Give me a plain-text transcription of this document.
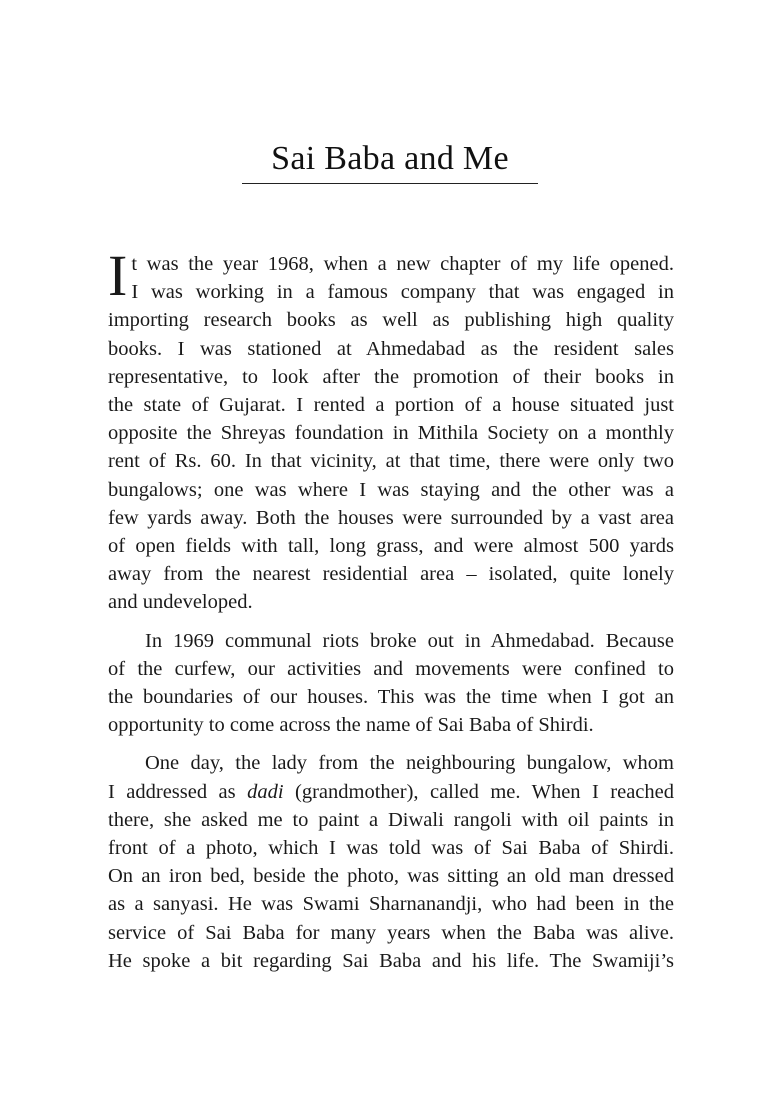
Sai Baba and Me

I t was the year 1968, when a new chapter of my life opened.
I was working in a famous company that was engaged in
importing research books as well as publishing high quality
books. I was stationed at Ahmedabad as the resident sales
representative, to look after the promotion of their books in
the state of Gujarat. I rented a portion of a house situated just
opposite the Shreyas foundation in Mithila Society on a monthly
rent of Rs. 60. In that vicinity, at that time, there were only two
bungalows; one was where I was staying and the other was a
few yards away. Both the houses were surrounded by a vast area
of open fields with tall, long grass, and were almost 500 yards
away from the nearest residential area – isolated, quite lonely
and undeveloped.

In 1969 communal riots broke out in Ahmedabad. Because
of the curfew, our activities and movements were confined to
the boundaries of our houses. This was the time when I got an
opportunity to come across the name of Sai Baba of Shirdi.

One day, the lady from the neighbouring bungalow, whom
I addressed as dadi (grandmother), called me. When I reached
there, she asked me to paint a Diwali rangoli with oil paints in
front of a photo, which I was told was of Sai Baba of Shirdi.
On an iron bed, beside the photo, was sitting an old man dressed
as a sanyasi. He was Swami Sharnanandji, who had been in the
service of Sai Baba for many years when the Baba was alive.
He spoke a bit regarding Sai Baba and his life. The Swamiji’s
